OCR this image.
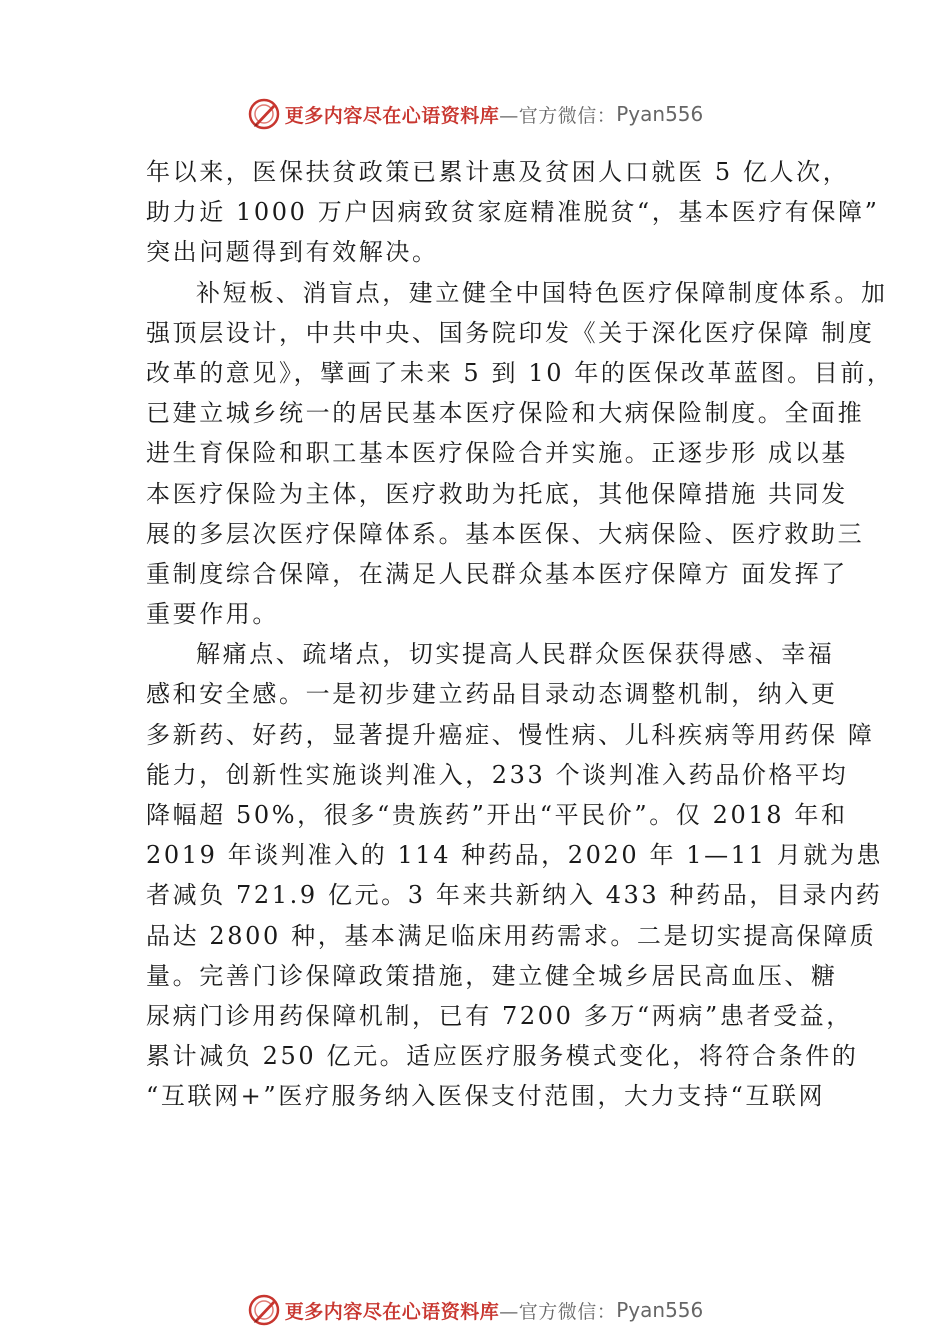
更多内容尽在心语资料库 —官方微信： Pyan556
年以来，医保扶贫政策已累计惠及贫困人口就医 5 亿人次，
助力近 1000 万户因病致贫家庭精准脱贫“，基本医疗有保障”
突出问题得到有效解决。
补短板、消盲点，建立健全中国特色医疗保障制度体系。加
强顶层设计，中共中央、国务院印发《关于深化医疗保障 制度
改革的意见》，擘画了未来 5 到 10 年的医保改革蓝图。目前，
已建立城乡统一的居民基本医疗保险和大病保险制度。全面推
进生育保险和职工基本医疗保险合并实施。正逐步形 成以基
本医疗保险为主体，医疗救助为托底，其他保障措施 共同发
展的多层次医疗保障体系。基本医保、大病保险、医疗救助三
重制度综合保障，在满足人民群众基本医疗保障方 面发挥了
重要作用。
解痛点、疏堵点，切实提高人民群众医保获得感、幸福
感和安全感。一是初步建立药品目录动态调整机制，纳入更
多新药、好药，显著提升癌症、慢性病、儿科疾病等用药保 障
能力，创新性实施谈判准入，233 个谈判准入药品价格平均
降幅超 50%，很多“贵族药”开出“平民价”。仅 2018 年和
2019 年谈判准入的 114 种药品，2020 年 1—11 月就为患
者减负 721.9 亿元。3 年来共新纳入 433 种药品，目录内药
品达 2800 种，基本满足临床用药需求。二是切实提高保障质
量。完善门诊保障政策措施，建立健全城乡居民高血压、糖
尿病门诊用药保障机制，已有 7200 多万“两病”患者受益，
累计减负 250 亿元。适应医疗服务模式变化，将符合条件的
“互联网+”医疗服务纳入医保支付范围，大力支持“互联网
更多内容尽在心语资料库 —官方微信： Pyan556
